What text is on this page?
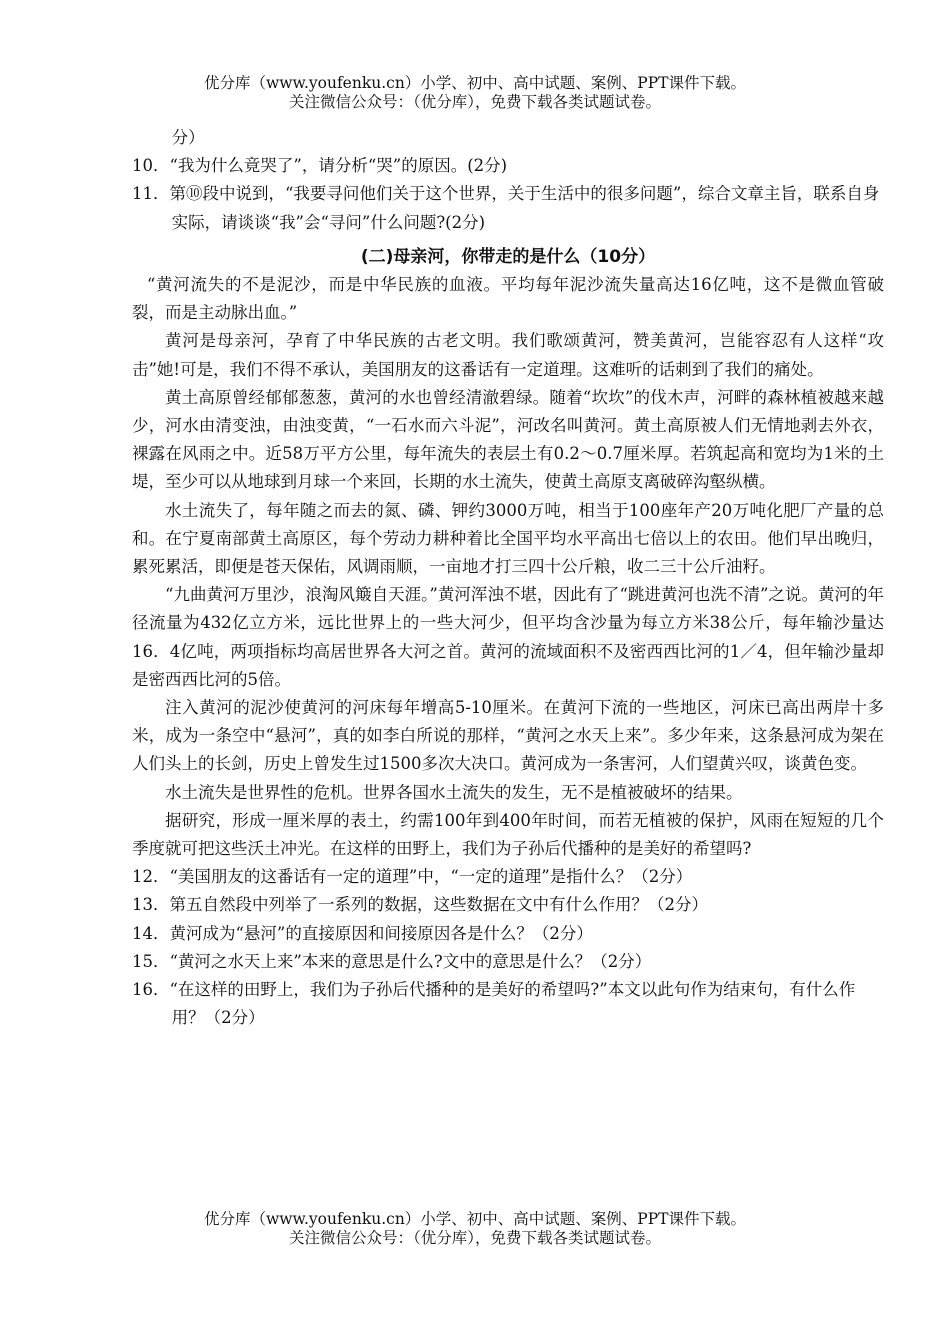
优分库（www.youfenku.cn）小学、初中、高中试题、案例、PPT课件下载。
关注微信公众号：（优分库），免费下载各类试题试卷。

分）

10．“我为什么竟哭了”，请分析“哭”的原因。(2分)

11．第⑩段中说到，“我要寻问他们关于这个世界，关于生活中的很多问题”，综合文章主旨，联系自身实际，请谈谈“我”会“寻问”什么问题?(2分)

(二)母亲河，你带走的是什么（10分）

“黄河流失的不是泥沙，而是中华民族的血液。平均每年泥沙流失量高达16亿吨，这不是微血管破裂，而是主动脉出血。”

黄河是母亲河，孕育了中华民族的古老文明。我们歌颂黄河，赞美黄河，岂能容忍有人这样“攻击”她!可是，我们不得不承认，美国朋友的这番话有一定道理。这难听的话刺到了我们的痛处。

黄土高原曾经郁郁葱葱，黄河的水也曾经清澈碧绿。随着“坎坎”的伐木声，河畔的森林植被越来越少，河水由清变浊，由浊变黄，“一石水而六斗泥”，河改名叫黄河。黄土高原被人们无情地剥去外衣，裸露在风雨之中。近58万平方公里，每年流失的表层土有0.2～0.7厘米厚。若筑起高和宽均为1米的土堤，至少可以从地球到月球一个来回，长期的水土流失，使黄土高原支离破碎沟壑纵横。

水土流失了，每年随之而去的氮、磷、钾约3000万吨，相当于100座年产20万吨化肥厂产量的总和。在宁夏南部黄土高原区，每个劳动力耕种着比全国平均水平高出七倍以上的农田。他们早出晚归，累死累活，即便是苍天保佑，风调雨顺，一亩地才打三四十公斤粮，收二三十公斤油籽。

“九曲黄河万里沙，浪淘风簸自天涯。”黄河浑浊不堪，因此有了“跳进黄河也洗不清”之说。黄河的年径流量为432亿立方米，远比世界上的一些大河少，但平均含沙量为每立方米38公斤，每年输沙量达16．4亿吨，两项指标均高居世界各大河之首。黄河的流域面积不及密西西比河的1／4，但年输沙量却是密西西比河的5倍。

注入黄河的泥沙使黄河的河床每年增高5-10厘米。在黄河下流的一些地区，河床已高出两岸十多米，成为一条空中“悬河”，真的如李白所说的那样，“黄河之水天上来”。多少年来，这条悬河成为架在人们头上的长剑，历史上曾发生过1500多次大决口。黄河成为一条害河，人们望黄兴叹，谈黄色变。

水土流失是世界性的危机。世界各国水土流失的发生，无不是植被破坏的结果。

据研究，形成一厘米厚的表土，约需100年到400年时间，而若无植被的保护，风雨在短短的几个季度就可把这些沃土冲光。在这样的田野上，我们为子孙后代播种的是美好的希望吗?

12．“美国朋友的这番话有一定的道理”中，“一定的道理”是指什么？（2分）

13．第五自然段中列举了一系列的数据，这些数据在文中有什么作用？（2分）

14．黄河成为“悬河”的直接原因和间接原因各是什么？（2分）

15．“黄河之水天上来”本来的意思是什么?文中的意思是什么？（2分）

16．“在这样的田野上，我们为子孙后代播种的是美好的希望吗?”本文以此句作为结束句，有什么作用？（2分）

优分库（www.youfenku.cn）小学、初中、高中试题、案例、PPT课件下载。
关注微信公众号：（优分库），免费下载各类试题试卷。
